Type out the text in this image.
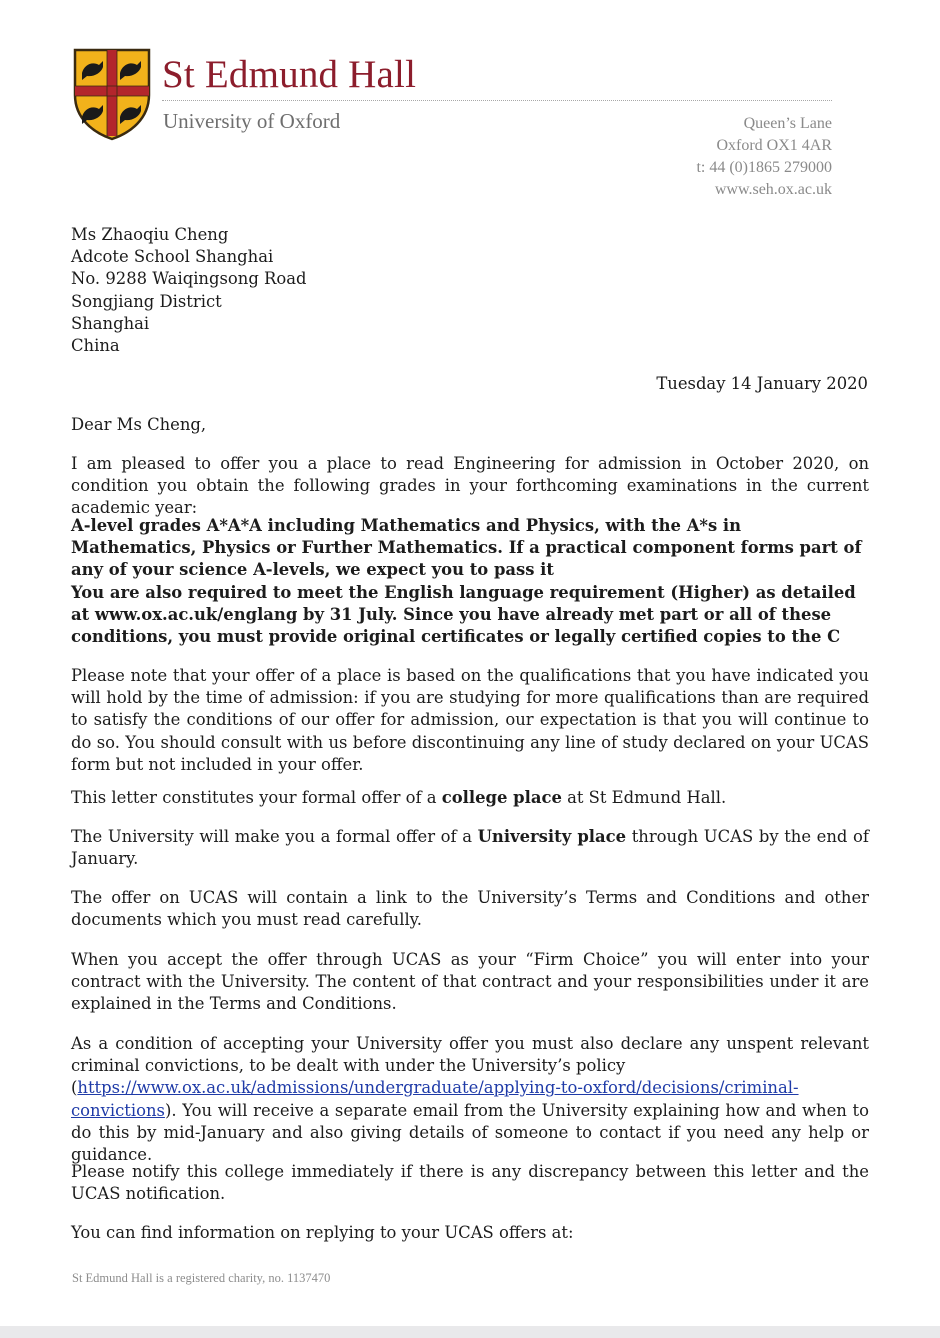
St Edmund Hall
University of Oxford	Queen’s Lane
Oxford OX1 4AR
t: 44 (0)1865 279000
www.seh.ox.ac.uk
Ms Zhaoqiu Cheng
Adcote School Shanghai
No. 9288 Waiqingsong Road
Songjiang District
Shanghai
China
Tuesday 14 January 2020
Dear Ms Cheng,

I am pleased to offer you a place to read Engineering for admission in October 2020, on condition you obtain the following grades in your forthcoming examinations in the current academic year:

A-level grades A*A*A including Mathematics and Physics, with the A*s in Mathematics, Physics or Further Mathematics. If a practical component forms part of any of your science A-levels, we expect you to pass it
You are also required to meet the English language requirement (Higher) as detailed at www.ox.ac.uk/englang by 31 July. Since you have already met part or all of these conditions, you must provide original certificates or legally certified copies to the C

Please note that your offer of a place is based on the qualifications that you have indicated you will hold by the time of admission: if you are studying for more qualifications than are required to satisfy the conditions of our offer for admission, our expectation is that you will continue to do so. You should consult with us before discontinuing any line of study declared on your UCAS form but not included in your offer.

This letter constitutes your formal offer of a college place at St Edmund Hall.

The University will make you a formal offer of a University place through UCAS by the end of January.

The offer on UCAS will contain a link to the University’s Terms and Conditions and other documents which you must read carefully.

When you accept the offer through UCAS as your “Firm Choice” you will enter into your contract with the University. The content of that contract and your responsibilities under it are explained in the Terms and Conditions.

As a condition of accepting your University offer you must also declare any unspent relevant criminal convictions, to be dealt with under the University’s policy
(https://www.ox.ac.uk/admissions/undergraduate/applying-to-oxford/decisions/criminal-
convictions). You will receive a separate email from the University explaining how and when to do this by mid-January and also giving details of someone to contact if you need any help or guidance.

Please notify this college immediately if there is any discrepancy between this letter and the UCAS notification.

You can find information on replying to your UCAS offers at:

St Edmund Hall is a registered charity, no. 1137470
